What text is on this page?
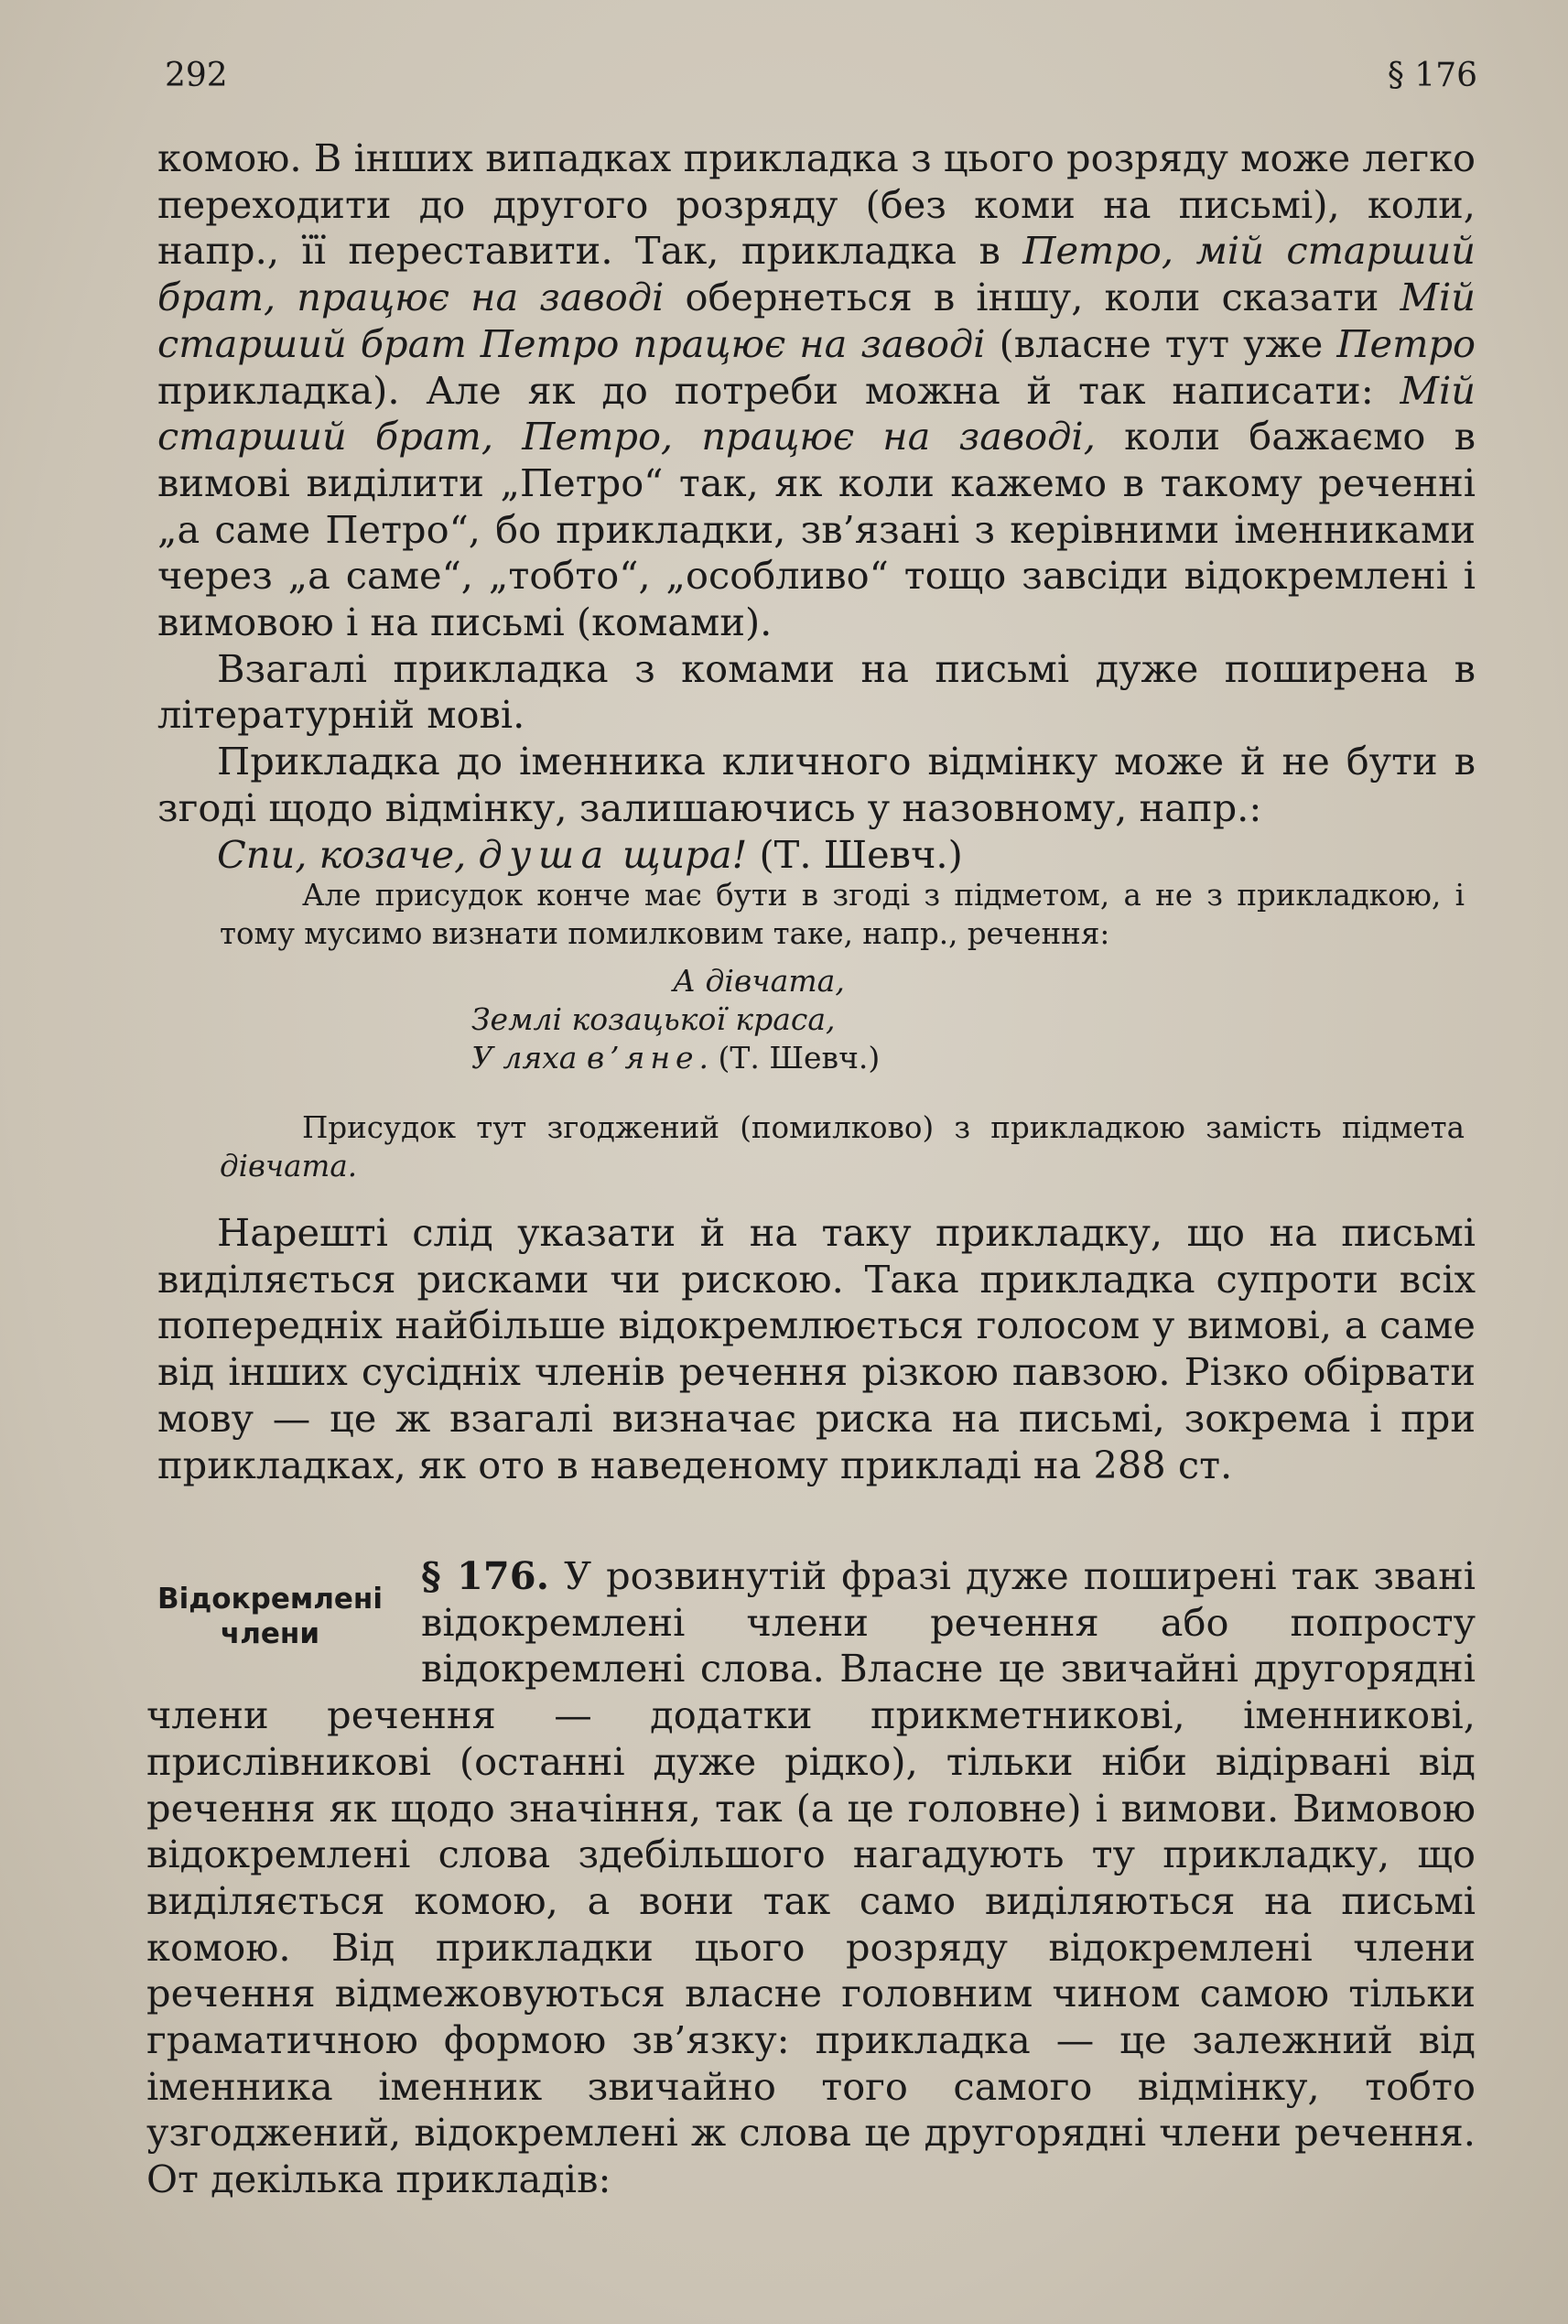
292	§ 176

комою. В інших випадках прикладка з цього розряду може легко переходити до другого розряду (без коми на письмі), коли, напр., її переставити. Так, прикладка в Петро, мій старший брат, працює на заводі обернеться в іншу, коли сказати Мій старший брат Петро працює на заводі (власне тут уже Петро прикладка). Але як до потреби можна й так написати: Мій старший брат, Петро, працює на заводі, коли бажаємо в вимові виділити „Петро“ так, як коли кажемо в такому реченні „а саме Петро“, бо прикладки, зв’язані з керівними іменниками через „а саме“, „тобто“, „особливо“ тощо завсіди відокремлені і вимовою і на письмі (комами).

Взагалі прикладка з комами на письмі дуже поширена в літературній мові.

Прикладка до іменника кличного відмінку може й не бути в згоді щодо відмінку, залишаючись у назовному, напр.:

Спи, козаче, душа щира! (Т. Шевч.)

Але присудок конче має бути в згоді з підметом, а не з прикладкою, і тому мусимо визнати помилковим таке, напр., речення:

А дівчата,
Землі козацької краса,
У ляха в’яне. (Т. Шевч.)

Присудок тут згоджений (помилково) з прикладкою замість підмета дівчата.

Нарешті слід указати й на таку прикладку, що на письмі виділяється рисками чи рискою. Така прикладка супроти всіх попередніх найбільше відокремлюється голосом у вимові, а саме від інших сусідніх членів речення різкою павзою. Різко обірвати мову — це ж взагалі визначає риска на письмі, зокрема і при прикладках, як ото в наведеному прикладі на 288 ст.

Відокремлені члени

§ 176. У розвинутій фразі дуже поширені так звані відокремлені члени речення або попросту відокремлені слова. Власне це звичайні другорядні члени речення — додатки прикметникові, іменникові, прислівникові (останні дуже рідко), тільки ніби відірвані від речення як щодо значіння, так (а це головне) і вимови. Вимовою відокремлені слова здебільшого нагадують ту прикладку, що виділяється комою, а вони так само виділяються на письмі комою. Від прикладки цього розряду відокремлені члени речення відмежовуються власне головним чином самою тільки граматичною формою зв’язку: прикладка — це залежний від іменника іменник звичайно того самого відмінку, тобто узгоджений, відокремлені ж слова це другорядні члени речення. От декілька прикладів:
